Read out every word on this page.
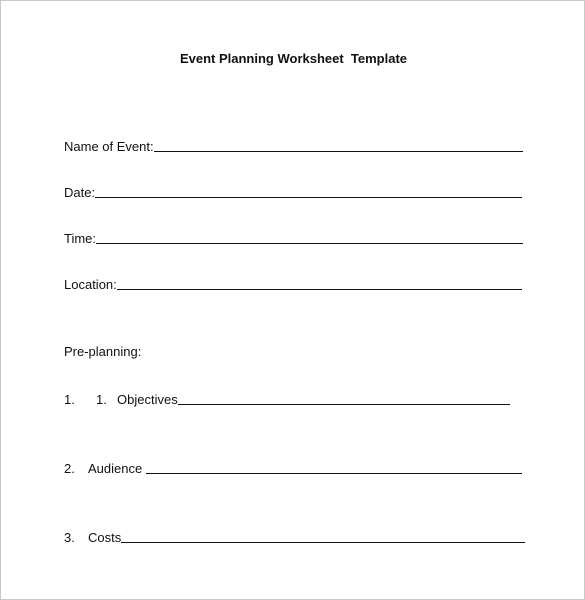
Event Planning Worksheet  Template
Name of Event:
Date:
Time:
Location:
Pre-planning:
1.	1. Objectives
2.	Audience
3.	Costs
